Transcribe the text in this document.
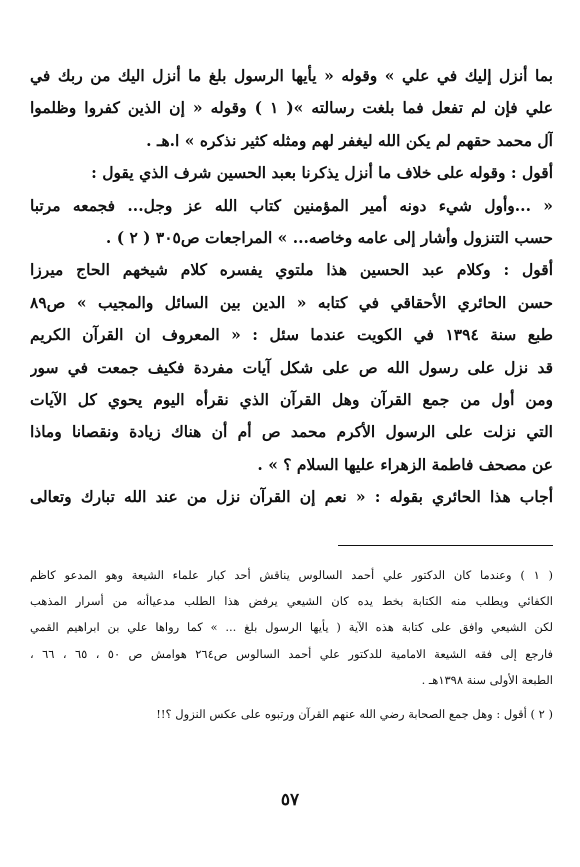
بما أنزل إليك في علي » وقوله « يأيها الرسول بلغ ما أنزل اليك من ربك في
علي فإن لم تفعل فما بلغت رسالته »( ١ ) وقوله « إن الذين كفروا وظلموا
آل محمد حقهم لم يكن الله ليغفر لهم ومثله كثير نذكره » ا.هـ .
أقول : وقوله على خلاف ما أنزل يذكرنا بعبد الحسين شرف الذي يقول :
« ...وأول شيء دونه أمير المؤمنين كتاب الله عز وجل... فجمعه مرتبا
حسب التنزول وأشار إلى عامه وخاصه... » المراجعات ص٣٠٥ ( ٢ ) .
أقول : وكلام عبد الحسين هذا ملتوي يفسره كلام شيخهم الحاج ميرزا
حسن الحائري الأحقاقي في كتابه « الدين بين السائل والمجيب » ص٨٩
طبع سنة ١٣٩٤ في الكويت عندما سئل : « المعروف ان القرآن الكريم
قد نزل على رسول الله ص على شكل آيات مفردة فكيف جمعت في سور
ومن أول من جمع القرآن وهل القرآن الذي نقرأه اليوم يحوي كل الآيات
التي نزلت على الرسول الأكرم محمد ص أم أن هناك زيادة ونقصانا وماذا
عن مصحف فاطمة الزهراء عليها السلام ؟ » .
أجاب هذا الحائري بقوله : « نعم إن القرآن نزل من عند الله تبارك وتعالى
( ١ ) وعندما كان الدكتور علي أحمد السالوس يناقش أحد كبار علماء الشيعة وهو المدعو كاظم
الكفائي ويطلب منه الكتابة بخط يده كان الشيعي يرفض هذا الطلب مدعياأنه من أسرار المذهب
لكن الشيعي وافق على كتابة هذه الآية ( يأيها الرسول بلغ ... » كما رواها علي بن ابراهيم القمي
فارجع إلى فقه الشيعة الامامية للدكتور علي أحمد السالوس ص٢٦٤ هوامش ص ٥٠ ، ٦٥ ، ٦٦ ،
الطبعة الأولى سنة ١٣٩٨هـ .
( ٢ ) أقول : وهل جمع الصحابة رضي الله عنهم القرآن ورتبوه على عكس النزول ؟!!
٥٧
